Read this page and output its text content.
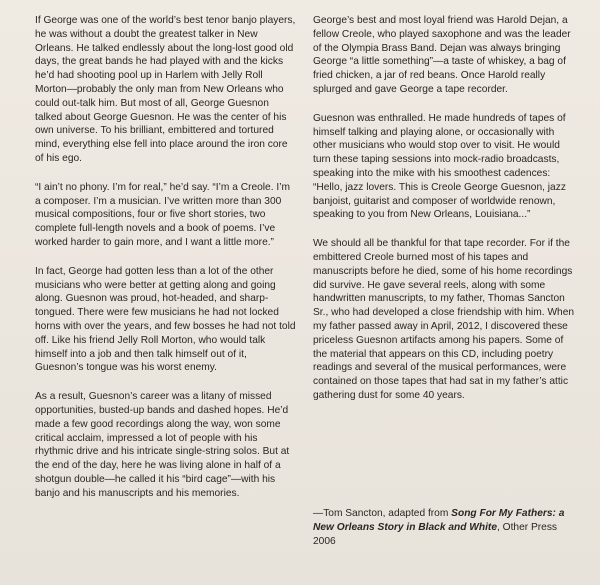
If George was one of the world’s best tenor banjo players, he was without a doubt the greatest talker in New Orleans. He talked endlessly about the long-lost good old days, the great bands he had played with and the kicks he’d had shooting pool up in Harlem with Jelly Roll Morton—probably the only man from New Orleans who could out-talk him. But most of all, George Guesnon talked about George Guesnon. He was the center of his own universe. To his brilliant, embittered and tortured mind, everything else fell into place around the iron core of his ego.

“I ain’t no phony. I’m for real,” he’d say. “I’m a Creole. I’m a composer. I’m a musician. I’ve written more than 300 musical compositions, four or five short stories, two complete full-length novels and a book of poems. I’ve worked harder to gain more, and I want a little more.”

In fact, George had gotten less than a lot of the other musicians who were better at getting along and going along. Guesnon was proud, hot-headed, and sharp-tongued. There were few musicians he had not locked horns with over the years, and few bosses he had not told off. Like his friend Jelly Roll Morton, who would talk himself into a job and then talk himself out of it, Guesnon’s tongue was his worst enemy.

As a result, Guesnon’s career was a litany of missed opportunities, busted-up bands and dashed hopes. He’d made a few good recordings along the way, won some critical acclaim, impressed a lot of people with his rhythmic drive and his intricate single-string solos. But at the end of the day, here he was living alone in half of a shotgun double—he called it his “bird cage”—with his banjo and his manuscripts and his memories.

George’s best and most loyal friend was Harold Dejan, a fellow Creole, who played saxophone and was the leader of the Olympia Brass Band. Dejan was always bringing George “a little something”—a taste of whiskey, a bag of fried chicken, a jar of red beans. Once Harold really splurged and gave George a tape recorder.

Guesnon was enthralled. He made hundreds of tapes of himself talking and playing alone, or occasionally with other musicians who would stop over to visit. He would turn these taping sessions into mock-radio broadcasts, speaking into the mike with his smoothest cadences: “Hello, jazz lovers. This is Creole George Guesnon, jazz banjoist, guitarist and composer of worldwide renown, speaking to you from New Orleans, Louisiana...”

We should all be thankful for that tape recorder. For if the embittered Creole burned most of his tapes and manuscripts before he died, some of his home recordings did survive. He gave several reels, along with some handwritten manuscripts, to my father, Thomas Sancton Sr., who had developed a close friendship with him. When my father passed away in April, 2012, I discovered these priceless Guesnon artifacts among his papers. Some of the material that appears on this CD, including poetry readings and several of the musical performances, were contained on those tapes that had sat in my father’s attic gathering dust for some 40 years.

—Tom Sancton, adapted from Song For My Fathers: a New Orleans Story in Black and White, Other Press 2006
